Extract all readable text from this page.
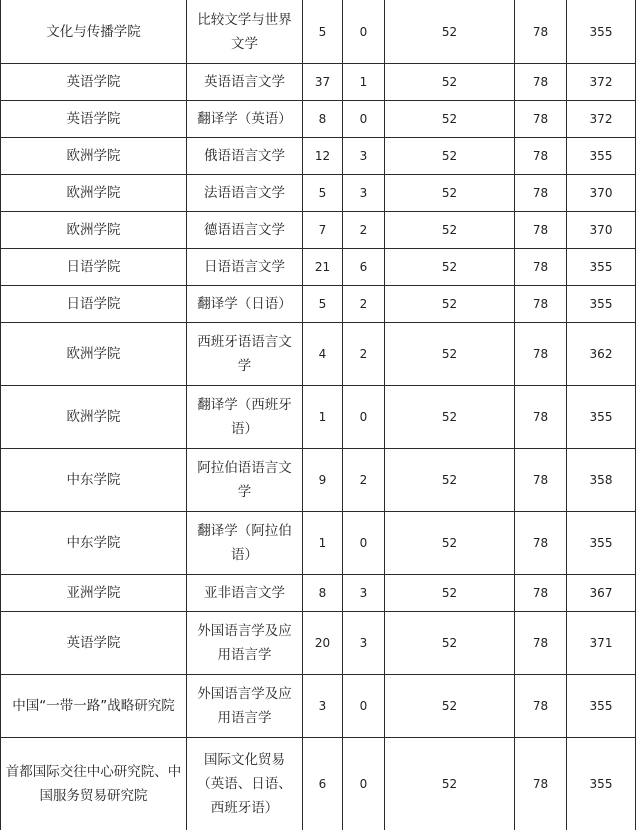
文化与传播学院	比较文学与世界文学	5	0	52	78	355
英语学院	英语语言文学	37	1	52	78	372
英语学院	翻译学（英语）	8	0	52	78	372
欧洲学院	俄语语言文学	12	3	52	78	355
欧洲学院	法语语言文学	5	3	52	78	370
欧洲学院	德语语言文学	7	2	52	78	370
日语学院	日语语言文学	21	6	52	78	355
日语学院	翻译学（日语）	5	2	52	78	355
欧洲学院	西班牙语语言文学	4	2	52	78	362
欧洲学院	翻译学（西班牙语）	1	0	52	78	355
中东学院	阿拉伯语语言文学	9	2	52	78	358
中东学院	翻译学（阿拉伯语）	1	0	52	78	355
亚洲学院	亚非语言文学	8	3	52	78	367
英语学院	外国语言学及应用语言学	20	3	52	78	371
中国“一带一路”战略研究院	外国语言学及应用语言学	3	0	52	78	355
首都国际交往中心研究院、中国服务贸易研究院	国际文化贸易（英语、日语、西班牙语）	6	0	52	78	355
